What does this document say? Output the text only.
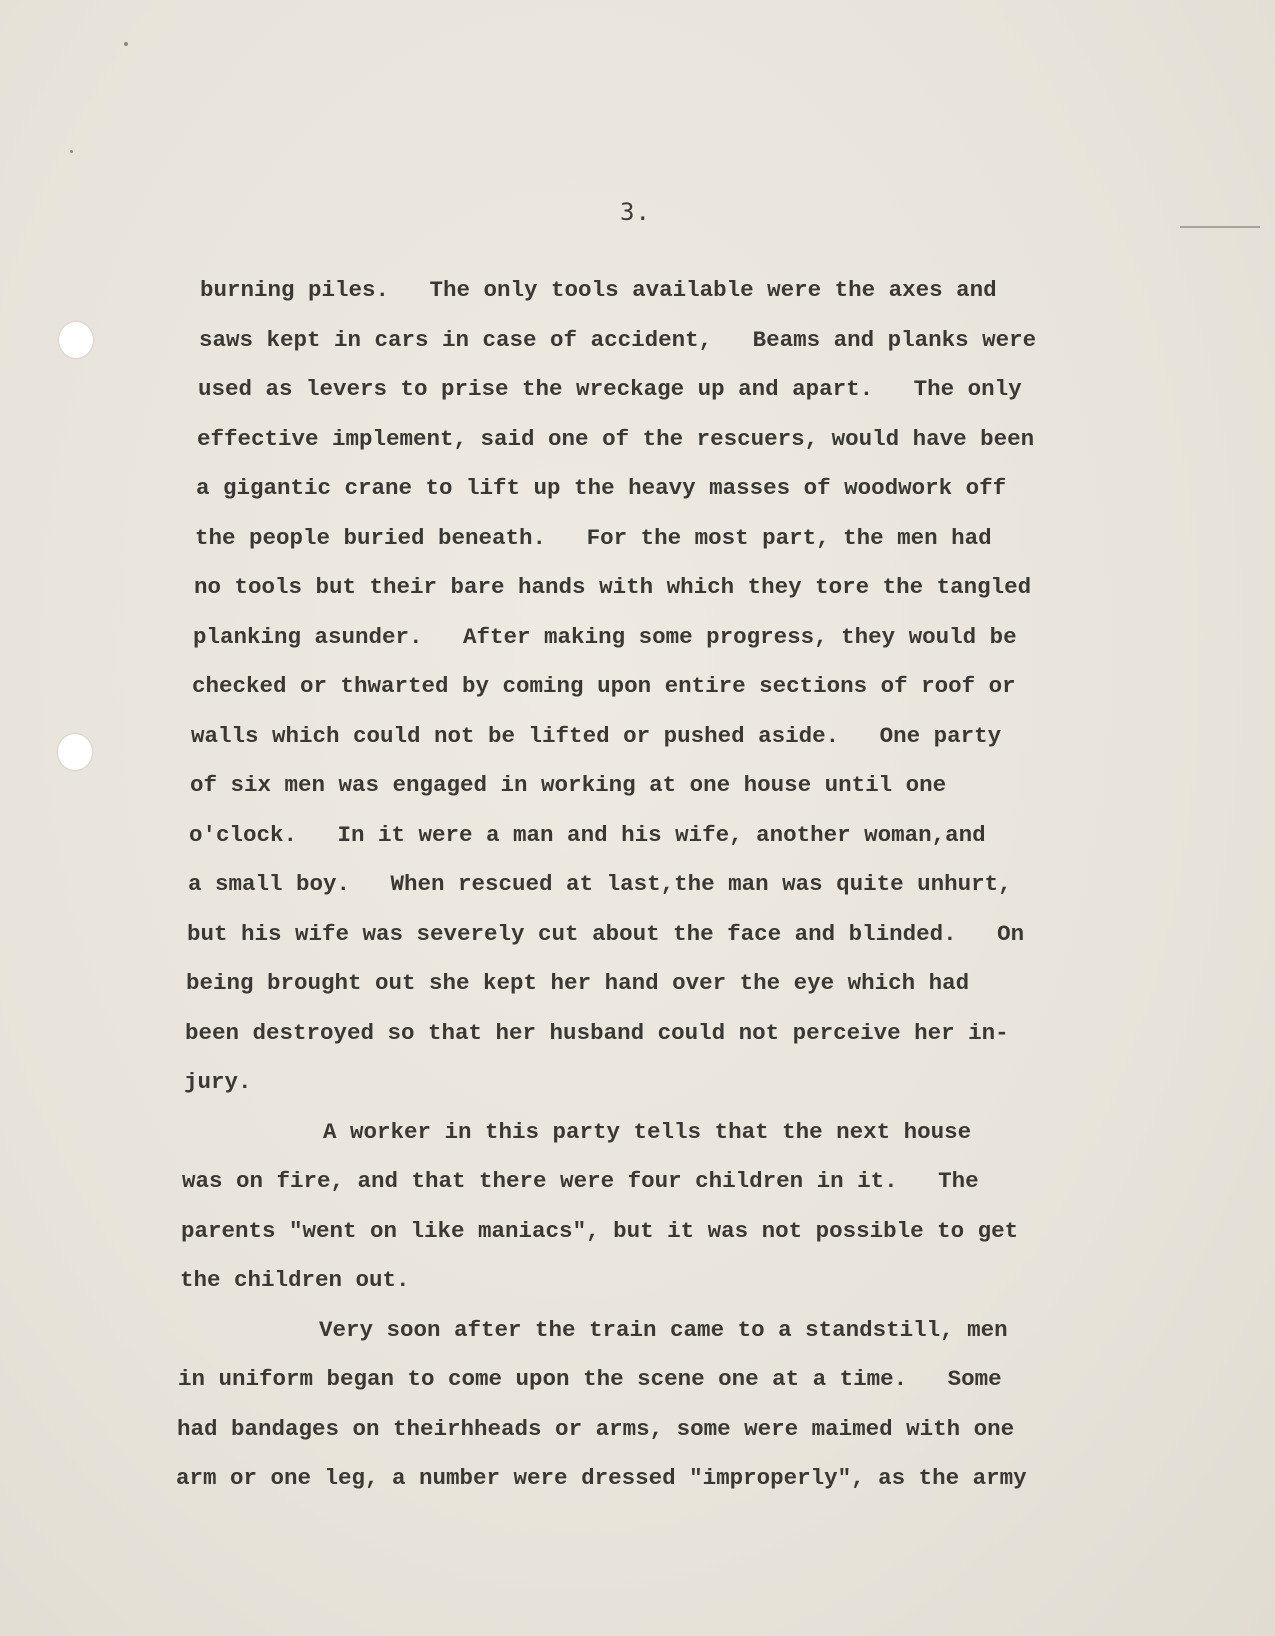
3.
burning piles.   The only tools available were the axes and
saws kept in cars in case of accident,   Beams and planks were
used as levers to prise the wreckage up and apart.   The only
effective implement, said one of the rescuers, would have been
a gigantic crane to lift up the heavy masses of woodwork off
the people buried beneath.   For the most part, the men had
no tools but their bare hands with which they tore the tangled
planking asunder.   After making some progress, they would be
checked or thwarted by coming upon entire sections of roof or
walls which could not be lifted or pushed aside.   One party
of six men was engaged in working at one house until one
o'clock.   In it were a man and his wife, another woman,and
a small boy.   When rescued at last,the man was quite unhurt,
but his wife was severely cut about the face and blinded.   On
being brought out she kept her hand over the eye which had
been destroyed so that her husband could not perceive her in-
jury.
A worker in this party tells that the next house
was on fire, and that there were four children in it.   The
parents "went on like maniacs", but it was not possible to get
the children out.
Very soon after the train came to a standstill, men
in uniform began to come upon the scene one at a time.   Some
had bandages on theirhheads or arms, some were maimed with one
arm or one leg, a number were dressed "improperly", as the army
